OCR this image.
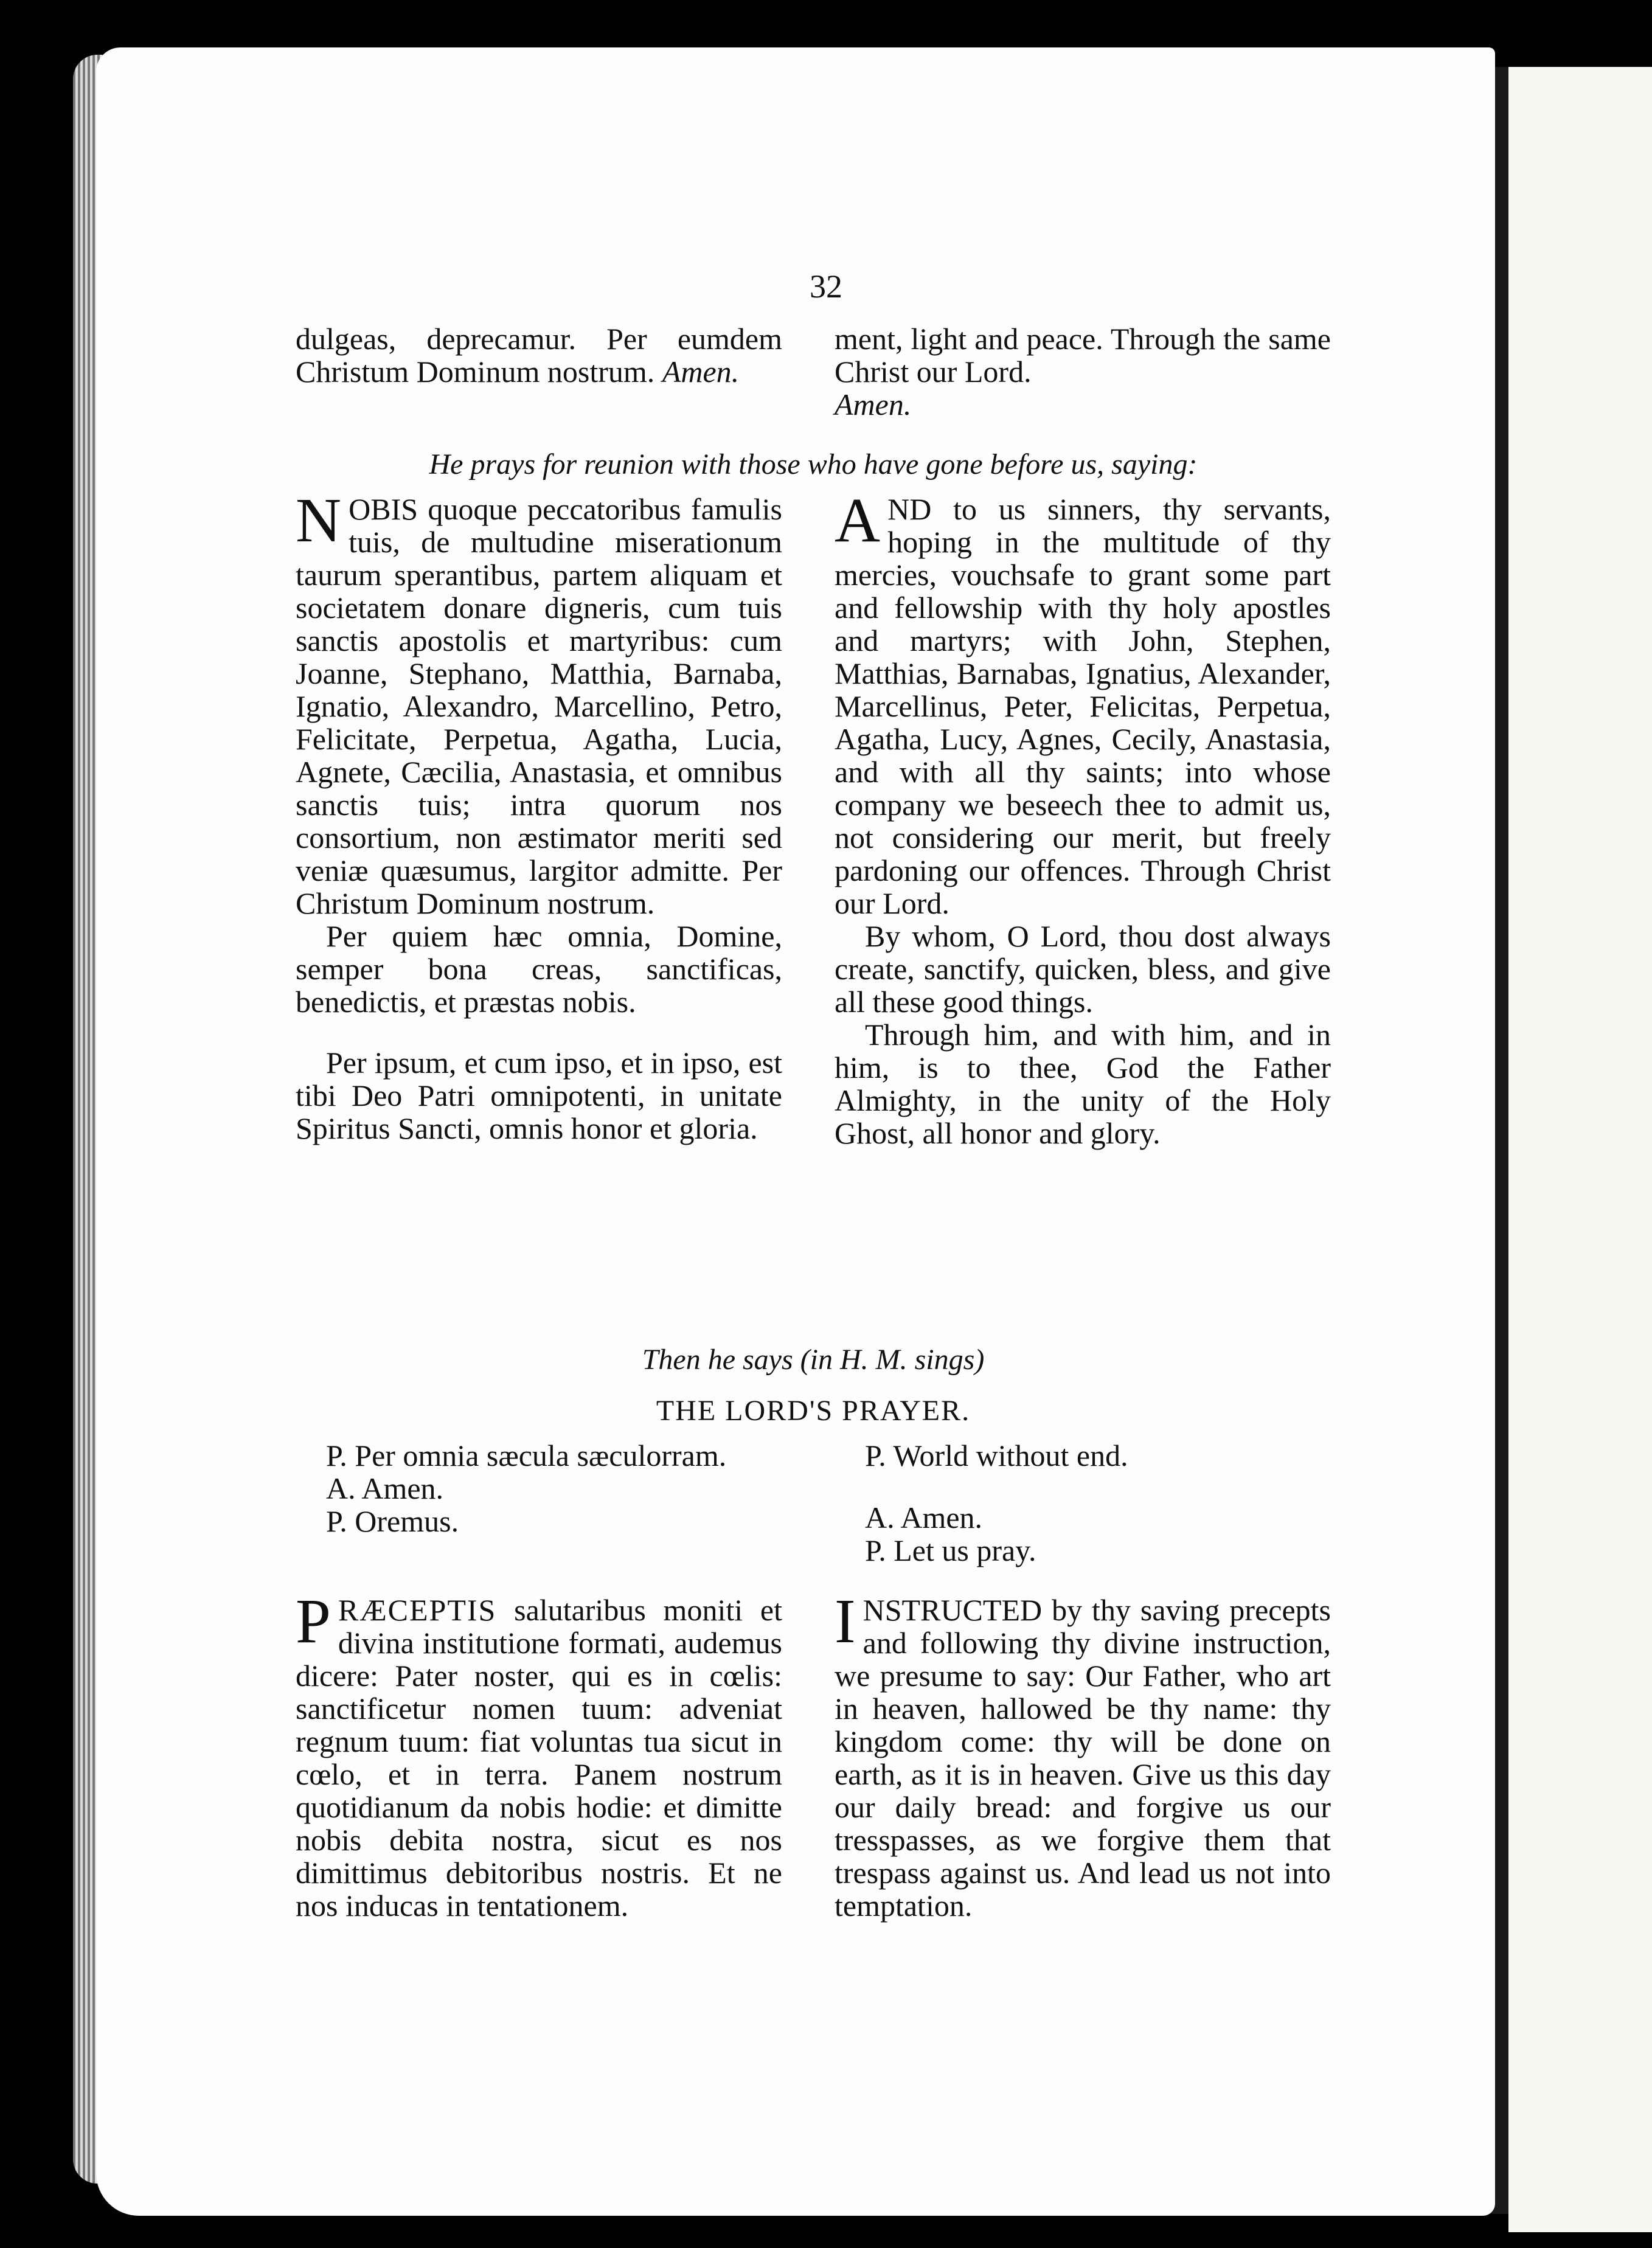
32

dulgeas, deprecamur. Per eumdem Christum Dominum nostrum. Amen.

ment, light and peace. Through the same Christ our Lord.
Amen.

He prays for reunion with those who have gone before us, saying:

NOBIS quoque peccatoribus famulis tuis, de multudine miserationum taurum sperantibus, partem aliquam et societatem donare digneris, cum tuis sanctis apostolis et martyribus: cum Joanne, Stephano, Matthia, Barnaba, Ignatio, Alexandro, Marcellino, Petro, Felicitate, Perpetua, Agatha, Lucia, Agnete, Cæcilia, Anastasia, et omnibus sanctis tuis; intra quorum nos consortium, non æstimator meriti sed veniæ quæsumus, largitor admitte. Per Christum Dominum nostrum.

Per quiem hæc omnia, Domine, semper bona creas, sanctificas, benedictis, et præstas nobis.

Per ipsum, et cum ipso, et in ipso, est tibi Deo Patri omnipotenti, in unitate Spiritus Sancti, omnis honor et gloria.

AND to us sinners, thy servants, hoping in the multitude of thy mercies, vouchsafe to grant some part and fellowship with thy holy apostles and martyrs; with John, Stephen, Matthias, Barnabas, Ignatius, Alexander, Marcellinus, Peter, Felicitas, Perpetua, Agatha, Lucy, Agnes, Cecily, Anastasia, and with all thy saints; into whose company we beseech thee to admit us, not considering our merit, but freely pardoning our offences. Through Christ our Lord.

By whom, O Lord, thou dost always create, sanctify, quicken, bless, and give all these good things.

Through him, and with him, and in him, is to thee, God the Father Almighty, in the unity of the Holy Ghost, all honor and glory.

Then he says (in H. M. sings)
THE LORD'S PRAYER.

P. Per omnia sæcula sæculorram.

A. Amen.

P. Oremus.

P. World without end.

A. Amen.

P. Let us pray.

PRÆCEPTIS salutaribus moniti et divina institutione formati, audemus dicere: Pater noster, qui es in cœlis: sanctificetur nomen tuum: adveniat regnum tuum: fiat voluntas tua sicut in cœlo, et in terra. Panem nostrum quotidianum da nobis hodie: et dimitte nobis debita nostra, sicut es nos dimittimus debitoribus nostris. Et ne nos inducas in tentationem.

INSTRUCTED by thy saving precepts and following thy divine instruction, we presume to say: Our Father, who art in heaven, hallowed be thy name: thy kingdom come: thy will be done on earth, as it is in heaven. Give us this day our daily bread: and forgive us our tresspasses, as we forgive them that trespass against us. And lead us not into temptation.
